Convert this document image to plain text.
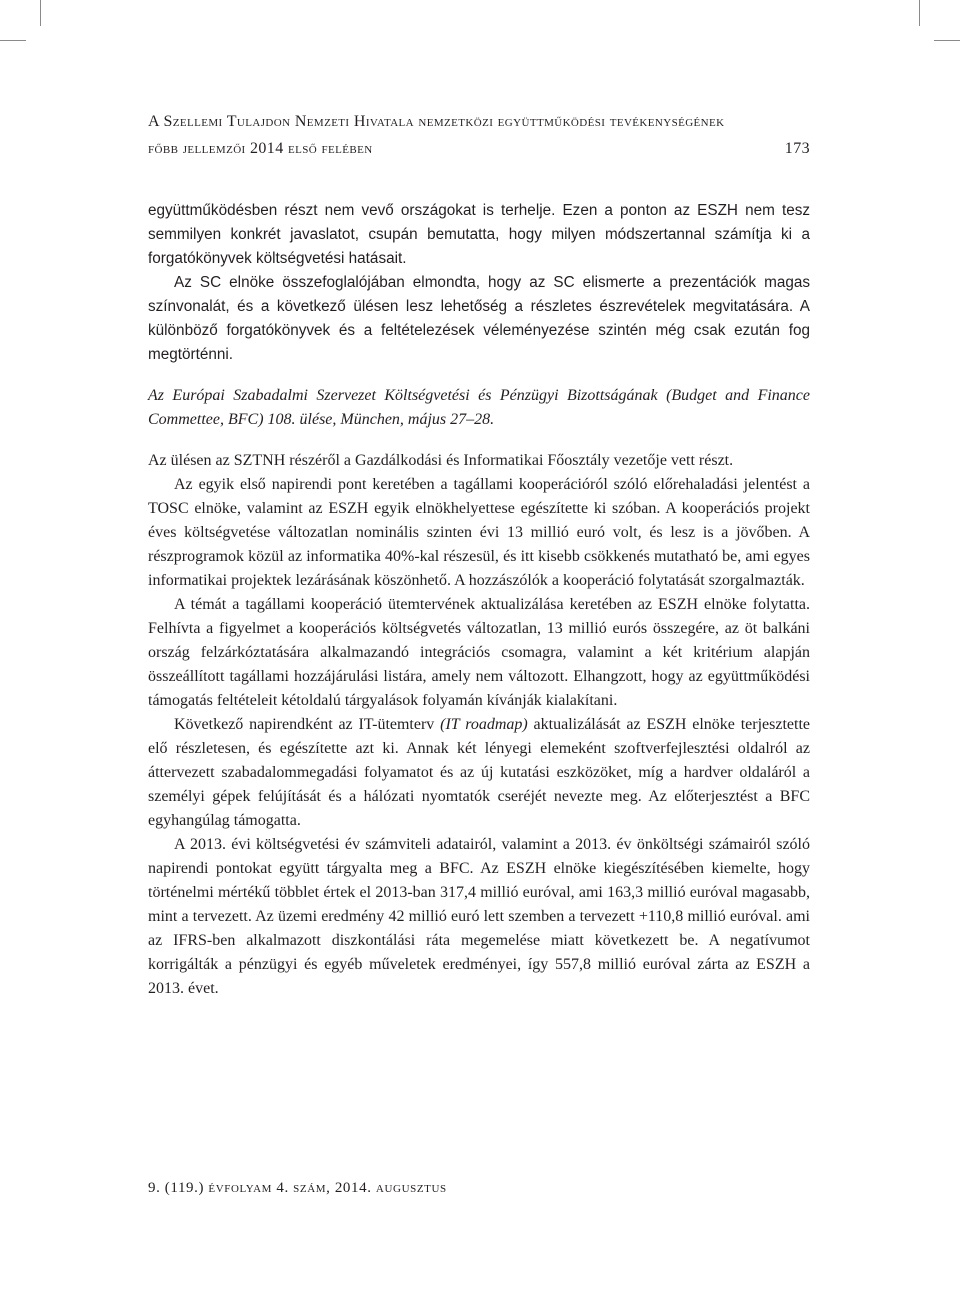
A Szellemi Tulajdon Nemzeti Hivatala nemzetközi együttműködési tevékenységének
főbb jellemzői 2014 első felében	173

együttműködésben részt nem vevő országokat is terhelje. Ezen a ponton az ESZH nem tesz semmilyen konkrét javaslatot, csupán bemutatta, hogy milyen módszertannal számítja ki a forgatókönyvek költségvetési hatásait.

Az SC elnöke összefoglalójában elmondta, hogy az SC elismerte a prezentációk magas színvonalát, és a következő ülésen lesz lehetőség a részletes észrevételek megvitatására. A különböző forgatókönyvek és a feltételezések véleményezése szintén még csak ezután fog megtörténni.

Az Európai Szabadalmi Szervezet Költségvetési és Pénzügyi Bizottságának (Budget and Finance Commettee, BFC) 108. ülése, München, május 27–28.

Az ülésen az SZTNH részéről a Gazdálkodási és Informatikai Főosztály vezetője vett részt.

Az egyik első napirendi pont keretében a tagállami kooperációról szóló előrehaladási jelentést a TOSC elnöke, valamint az ESZH egyik elnökhelyettese egészítette ki szóban. A kooperációs projekt éves költségvetése változatlan nominális szinten évi 13 millió euró volt, és lesz is a jövőben. A részprogramok közül az informatika 40%-kal részesül, és itt kisebb csökkenés mutatható be, ami egyes informatikai projektek lezárásának köszönhető. A hozzászólók a kooperáció folytatását szorgalmazták.

A témát a tagállami kooperáció ütemtervének aktualizálása keretében az ESZH elnöke folytatta. Felhívta a figyelmet a kooperációs költségvetés változatlan, 13 millió eurós összegére, az öt balkáni ország felzárkóztatására alkalmazandó integrációs csomagra, valamint a két kritérium alapján összeállított tagállami hozzájárulási listára, amely nem változott. Elhangzott, hogy az együttműködési támogatás feltételeit kétoldalú tárgyalások folyamán kívánják kialakítani.

Következő napirendként az IT-ütemterv (IT roadmap) aktualizálását az ESZH elnöke terjesztette elő részletesen, és egészítette azt ki. Annak két lényegi elemeként szoftverfejlesztési oldalról az áttervezett szabadalommegadási folyamatot és az új kutatási eszközöket, míg a hardver oldaláról a személyi gépek felújítását és a hálózati nyomtatók cseréjét nevezte meg. Az előterjesztést a BFC egyhangúlag támogatta.

A 2013. évi költségvetési év számviteli adatairól, valamint a 2013. év önköltségi számairól szóló napirendi pontokat együtt tárgyalta meg a BFC. Az ESZH elnöke kiegészítésében kiemelte, hogy történelmi mértékű többlet értek el 2013-ban 317,4 millió euróval, ami 163,3 millió euróval magasabb, mint a tervezett. Az üzemi eredmény 42 millió euró lett szemben a tervezett +110,8 millió euróval. ami az IFRS-ben alkalmazott diszkontálási ráta megemelése miatt következett be. A negatívumot korrigálták a pénzügyi és egyéb műveletek eredményei, így 557,8 millió euróval zárta az ESZH a 2013. évet.

9. (119.) évfolyam 4. szám, 2014. augusztus
